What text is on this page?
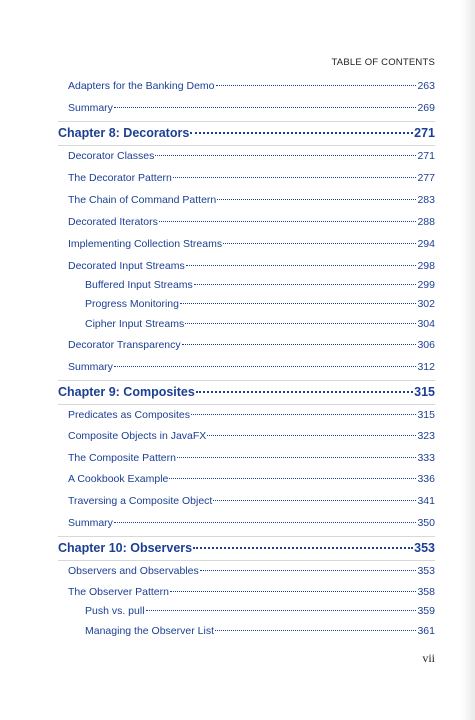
TABLE OF CONTENTS
Adapters for the Banking Demo	263
Summary	269
Chapter 8: Decorators	271
Decorator Classes	271
The Decorator Pattern	277
The Chain of Command Pattern	283
Decorated Iterators	288
Implementing Collection Streams	294
Decorated Input Streams	298
Buffered Input Streams	299
Progress Monitoring	302
Cipher Input Streams	304
Decorator Transparency	306
Summary	312
Chapter 9: Composites	315
Predicates as Composites	315
Composite Objects in JavaFX	323
The Composite Pattern	333
A Cookbook Example	336
Traversing a Composite Object	341
Summary	350
Chapter 10: Observers	353
Observers and Observables	353
The Observer Pattern	358
Push vs. pull	359
Managing the Observer List	361
vii
